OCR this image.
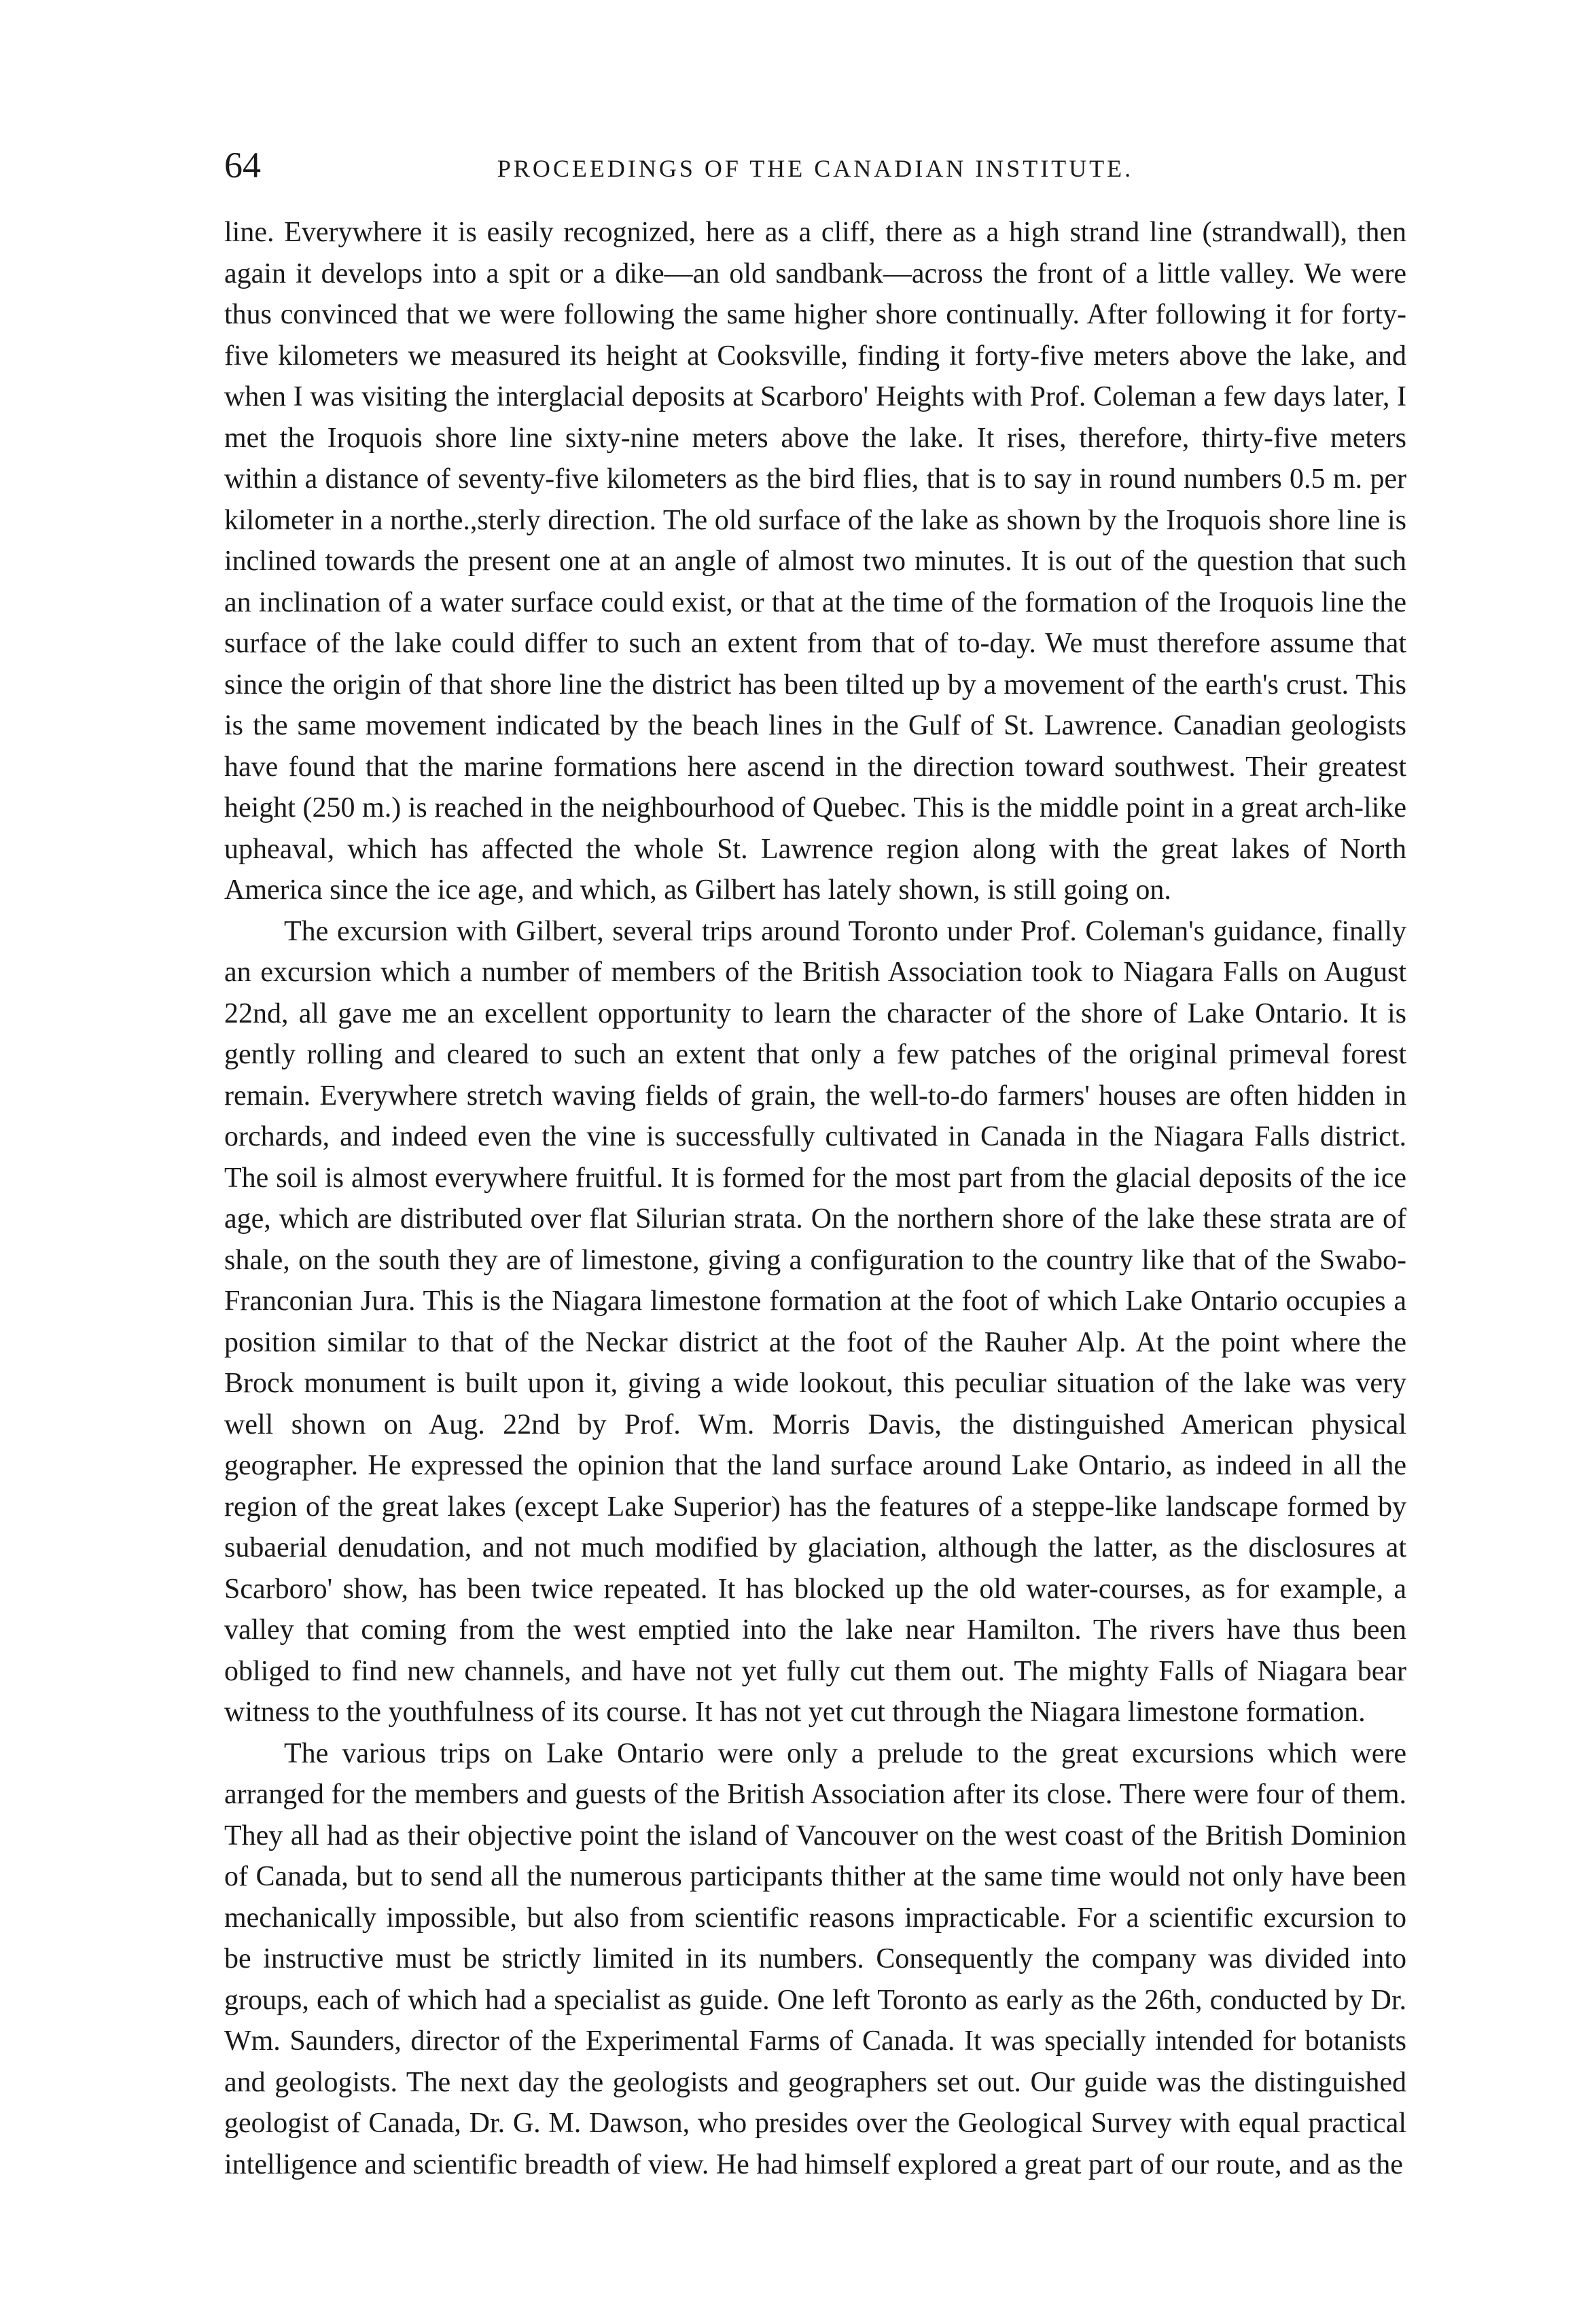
64	PROCEEDINGS OF THE CANADIAN INSTITUTE.

line. Everywhere it is easily recognized, here as a cliff, there as a high strand line (strandwall), then again it develops into a spit or a dike—an old sandbank—across the front of a little valley. We were thus convinced that we were following the same higher shore continually. After following it for forty-five kilometers we measured its height at Cooksville, finding it forty-five meters above the lake, and when I was visiting the interglacial deposits at Scarboro' Heights with Prof. Coleman a few days later, I met the Iroquois shore line sixty-nine meters above the lake. It rises, therefore, thirty-five meters within a distance of seventy-five kilometers as the bird flies, that is to say in round numbers 0.5 m. per kilometer in a northe.,sterly direction. The old surface of the lake as shown by the Iroquois shore line is inclined towards the present one at an angle of almost two minutes. It is out of the question that such an inclination of a water surface could exist, or that at the time of the formation of the Iroquois line the surface of the lake could differ to such an extent from that of to-day. We must therefore assume that since the origin of that shore line the district has been tilted up by a movement of the earth's crust. This is the same movement indicated by the beach lines in the Gulf of St. Lawrence. Canadian geologists have found that the marine formations here ascend in the direction toward southwest. Their greatest height (250 m.) is reached in the neighbourhood of Quebec. This is the middle point in a great arch-like upheaval, which has affected the whole St. Lawrence region along with the great lakes of North America since the ice age, and which, as Gilbert has lately shown, is still going on.

The excursion with Gilbert, several trips around Toronto under Prof. Coleman's guidance, finally an excursion which a number of members of the British Association took to Niagara Falls on August 22nd, all gave me an excellent opportunity to learn the character of the shore of Lake Ontario. It is gently rolling and cleared to such an extent that only a few patches of the original primeval forest remain. Everywhere stretch waving fields of grain, the well-to-do farmers' houses are often hidden in orchards, and indeed even the vine is successfully cultivated in Canada in the Niagara Falls district. The soil is almost everywhere fruitful. It is formed for the most part from the glacial deposits of the ice age, which are distributed over flat Silurian strata. On the northern shore of the lake these strata are of shale, on the south they are of limestone, giving a configuration to the country like that of the Swabo-Franconian Jura. This is the Niagara limestone formation at the foot of which Lake Ontario occupies a position similar to that of the Neckar district at the foot of the Rauher Alp. At the point where the Brock monument is built upon it, giving a wide lookout, this peculiar situation of the lake was very well shown on Aug. 22nd by Prof. Wm. Morris Davis, the distinguished American physical geographer. He expressed the opinion that the land surface around Lake Ontario, as indeed in all the region of the great lakes (except Lake Superior) has the features of a steppe-like landscape formed by subaerial denudation, and not much modified by glaciation, although the latter, as the disclosures at Scarboro' show, has been twice repeated. It has blocked up the old water-courses, as for example, a valley that coming from the west emptied into the lake near Hamilton. The rivers have thus been obliged to find new channels, and have not yet fully cut them out. The mighty Falls of Niagara bear witness to the youthfulness of its course. It has not yet cut through the Niagara limestone formation.

The various trips on Lake Ontario were only a prelude to the great excursions which were arranged for the members and guests of the British Association after its close. There were four of them. They all had as their objective point the island of Vancouver on the west coast of the British Dominion of Canada, but to send all the numerous participants thither at the same time would not only have been mechanically impossible, but also from scientific reasons impracticable. For a scientific excursion to be instructive must be strictly limited in its numbers. Consequently the company was divided into groups, each of which had a specialist as guide. One left Toronto as early as the 26th, conducted by Dr. Wm. Saunders, director of the Experimental Farms of Canada. It was specially intended for botanists and geologists. The next day the geologists and geographers set out. Our guide was the distinguished geologist of Canada, Dr. G. M. Dawson, who presides over the Geological Survey with equal practical intelligence and scientific breadth of view. He had himself explored a great part of our route, and as the
